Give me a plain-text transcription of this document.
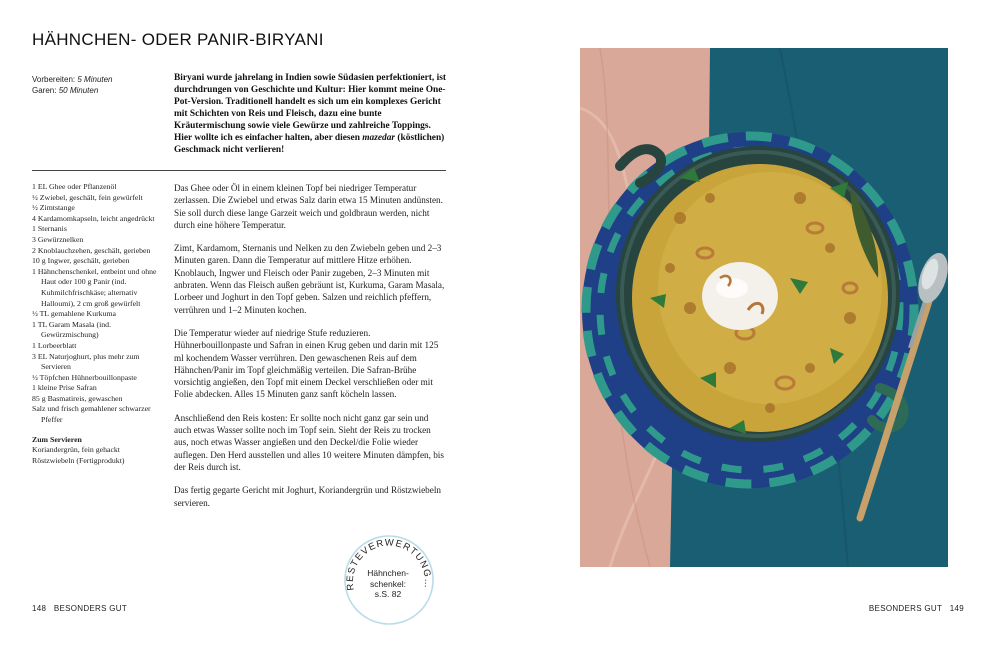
HÄHNCHEN- ODER PANIR-BIRYANI
Vorbereiten: 5 Minuten
Garen: 50 Minuten
Biryani wurde jahrelang in Indien sowie Südasien perfektioniert, ist durchdrungen von Geschichte und Kultur: Hier kommt meine One-Pot-Version. Traditionell handelt es sich um ein komplexes Gericht mit Schichten von Reis und Fleisch, dazu eine bunte Kräutermischung sowie viele Gewürze und zahlreiche Toppings. Hier wollte ich es einfacher halten, aber diesen mazedar (köstlichen) Geschmack nicht verlieren!
1 EL Ghee oder Pflanzenöl
½ Zwiebel, geschält, fein gewürfelt
½ Zimtstange
4 Kardamomkapseln, leicht angedrückt
1 Sternanis
3 Gewürznelken
2 Knoblauchzehen, geschält, gerieben
10 g Ingwer, geschält, gerieben
1 Hähnchenschenkel, entbeint und ohne Haut oder 100 g Panir (ind. Kuhmilchfrischkäse; alternativ Halloumi), 2 cm groß gewürfelt
½ TL gemahlene Kurkuma
1 TL Garam Masala (ind. Gewürzmischung)
1 Lorbeerblatt
3 EL Naturjoghurt, plus mehr zum Servieren
½ Töpfchen Hühnerbouillonpaste
1 kleine Prise Safran
85 g Basmatireis, gewaschen
Salz und frisch gemahlener schwarzer Pfeffer
Zum Servieren
Koriandergrün, fein gehackt
Röstzwiebeln (Fertigprodukt)

Das Ghee oder Öl in einem kleinen Topf bei niedriger Temperatur zerlassen. Die Zwiebel und etwas Salz darin etwa 15 Minuten andünsten. Sie soll durch diese lange Garzeit weich und goldbraun werden, nicht durch eine höhere Temperatur.

Zimt, Kardamom, Sternanis und Nelken zu den Zwiebeln geben und 2–3 Minuten garen. Dann die Temperatur auf mittlere Hitze erhöhen. Knoblauch, Ingwer und Fleisch oder Panir zugeben, 2–3 Minuten mit anbraten. Wenn das Fleisch außen gebräunt ist, Kurkuma, Garam Masala, Lorbeer und Joghurt in den Topf geben. Salzen und reichlich pfeffern, verrühren und 1–2 Minuten kochen.

Die Temperatur wieder auf niedrige Stufe reduzieren. Hühnerbouillonpaste und Safran in einen Krug geben und darin mit 125 ml kochendem Wasser verrühren. Den gewaschenen Reis auf dem Hähnchen/Panir im Topf gleichmäßig verteilen. Die Safran-Brühe vorsichtig angießen, den Topf mit einem Deckel verschließen oder mit Folie abdecken. Alles 15 Minuten ganz sanft köcheln lassen.

Anschließend den Reis kosten: Er sollte noch nicht ganz gar sein und auch etwas Wasser sollte noch im Topf sein. Sieht der Reis zu trocken aus, noch etwas Wasser angießen und den Deckel/die Folie wieder auflegen. Den Herd ausstellen und alles 10 weitere Minuten dämpfen, bis der Reis durch ist.

Das fertig gegarte Gericht mit Joghurt, Koriandergrün und Röstzwiebeln servieren.

RESTEVERWERTUNG…
Hähnchen-
schenkel:
s.S. 82
148 BESONDERS GUT	BESONDERS GUT 149
